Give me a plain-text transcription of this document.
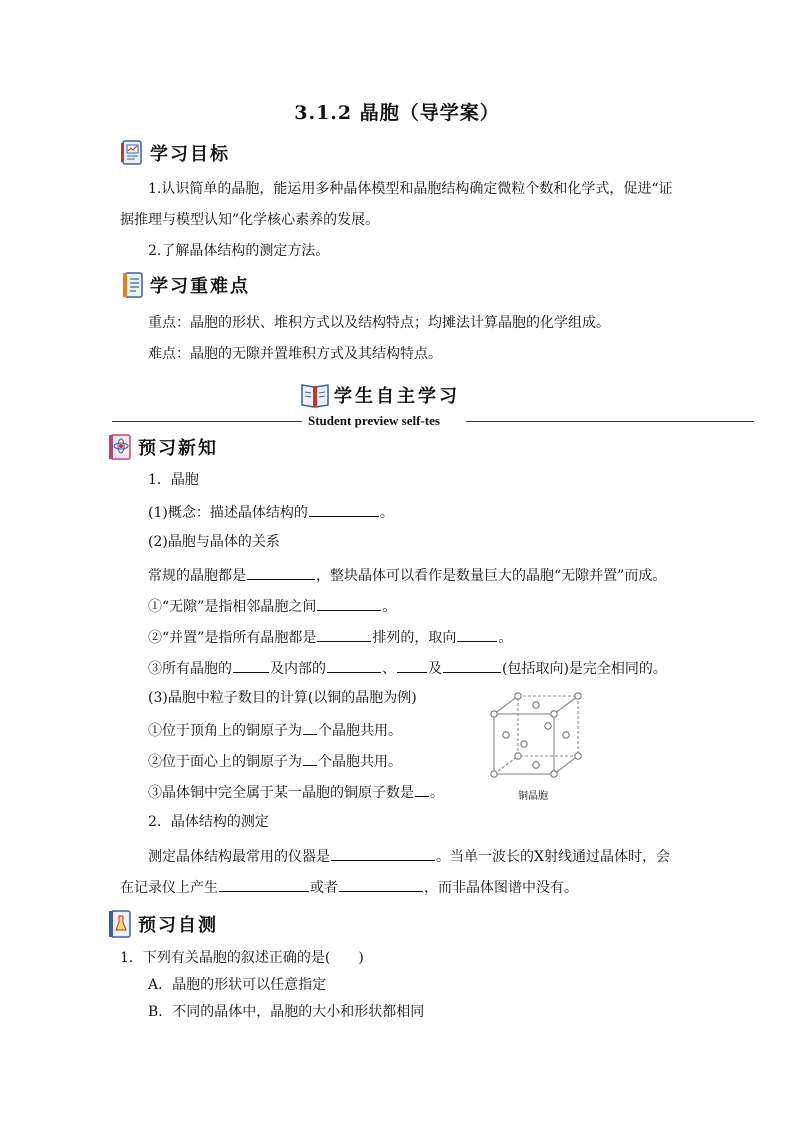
3.1.2 晶胞（导学案）
学习目标
1.认识简单的晶胞，能运用多种晶体模型和晶胞结构确定微粒个数和化学式，促进“证
据推理与模型认知”化学核心素养的发展。
2.了解晶体结构的测定方法。
学习重难点
重点：晶胞的形状、堆积方式以及结构特点；均摊法计算晶胞的化学组成。
难点：晶胞的无隙并置堆积方式及其结构特点。
学生自主学习
Student preview self-tes
预习新知
1．晶胞
(1)概念：描述晶体结构的	。
(2)晶胞与晶体的关系
常规的晶胞都是	，整块晶体可以看作是数量巨大的晶胞“无隙并置”而成。
①“无隙”是指相邻晶胞之间	。
②“并置”是指所有晶胞都是	排列的，取向	。
③所有晶胞的	及内部的	、 及	(包括取向)是完全相同的。
(3)晶胞中粒子数目的计算(以铜的晶胞为例)
①位于顶角上的铜原子为 个晶胞共用。
②位于面心上的铜原子为 个晶胞共用。
③晶体铜中完全属于某一晶胞的铜原子数是 。	铜晶胞
2．晶体结构的测定
测定晶体结构最常用的仪器是	。当单一波长的X射线通过晶体时，会
在记录仪上产生	或者	，而非晶体图谱中没有。
预习自测
1．下列有关晶胞的叙述正确的是(　　)
A．晶胞的形状可以任意指定
B．不同的晶体中，晶胞的大小和形状都相同
